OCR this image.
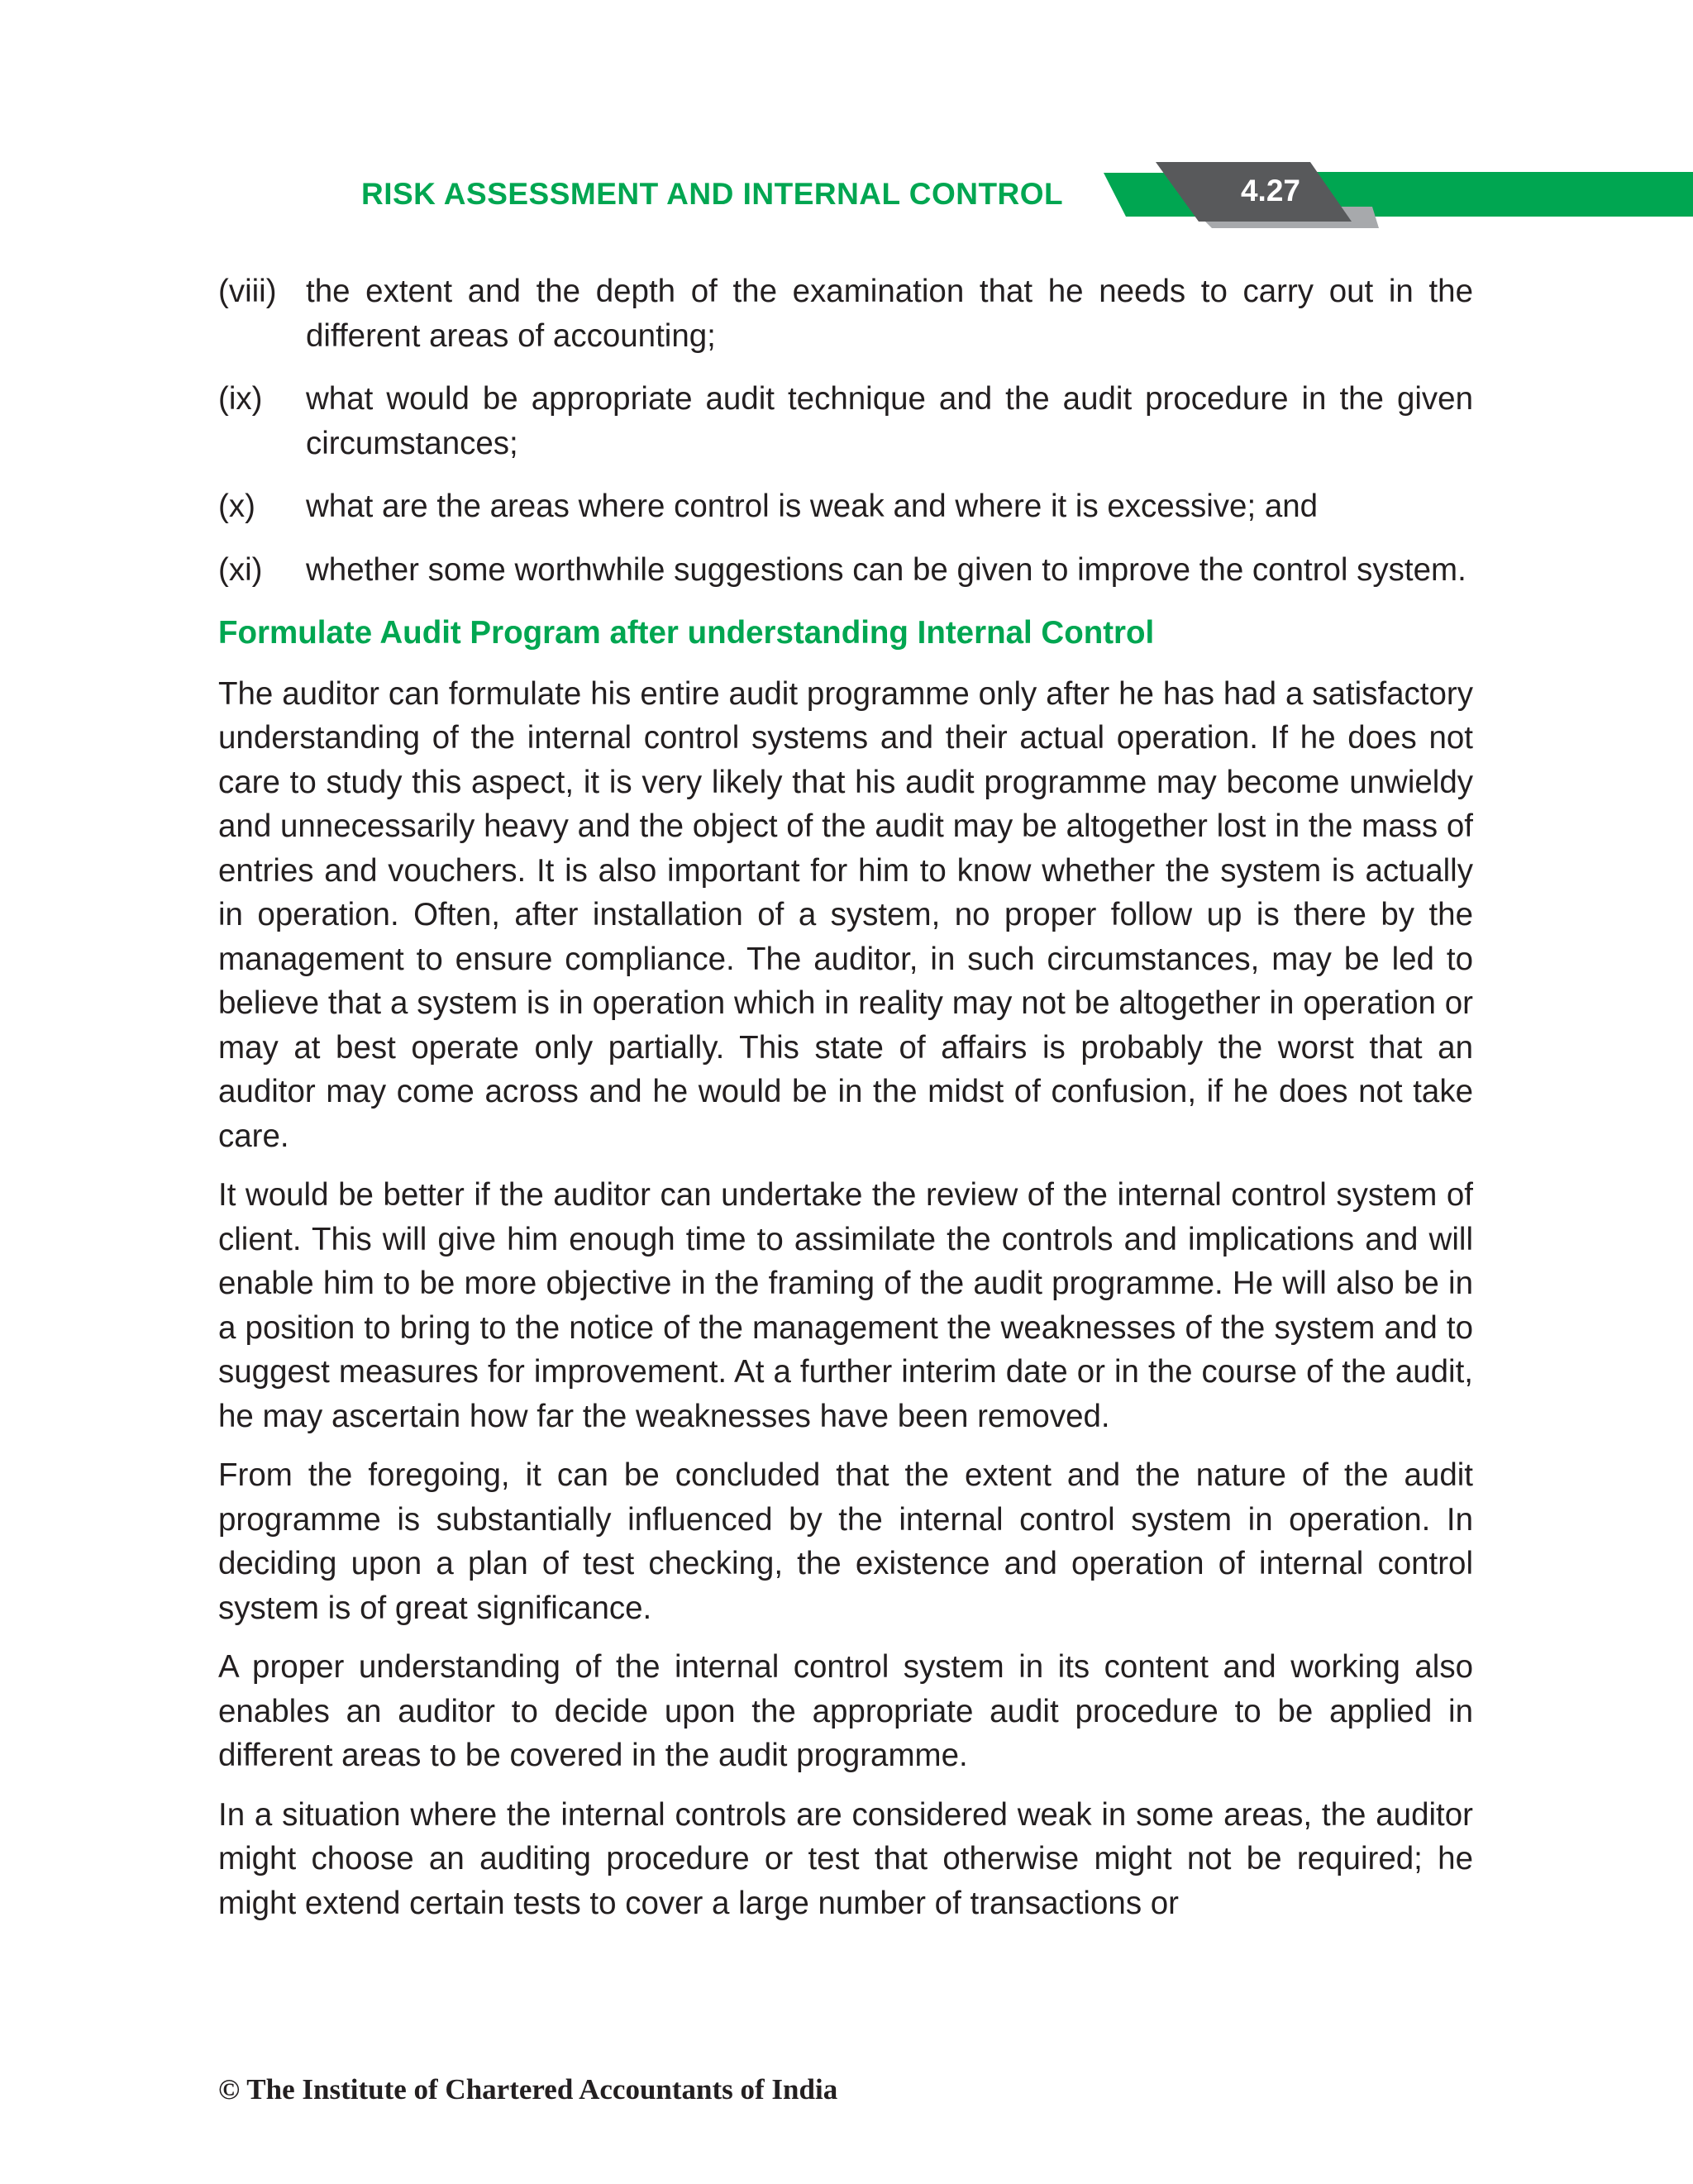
RISK ASSESSMENT AND INTERNAL CONTROL	4.27
(viii) the extent and the depth of the examination that he needs to carry out in the different areas of accounting;
(ix)	what would be appropriate audit technique and the audit procedure in the given circumstances;
(x)	what are the areas where control is weak and where it is excessive; and
(xi)	whether some worthwhile suggestions can be given to improve the control system.
Formulate Audit Program after understanding Internal Control

The auditor can formulate his entire audit programme only after he has had a satisfactory understanding of the internal control systems and their actual operation. If he does not care to study this aspect, it is very likely that his audit programme may become unwieldy and unnecessarily heavy and the object of the audit may be altogether lost in the mass of entries and vouchers. It is also important for him to know whether the system is actually in operation. Often, after installation of a system, no proper follow up is there by the management to ensure compliance. The auditor, in such circumstances, may be led to believe that a system is in operation which in reality may not be altogether in operation or may at best operate only partially. This state of affairs is probably the worst that an auditor may come across and he would be in the midst of confusion, if he does not take care.

It would be better if the auditor can undertake the review of the internal control system of client. This will give him enough time to assimilate the controls and implications and will enable him to be more objective in the framing of the audit programme. He will also be in a position to bring to the notice of the management the weaknesses of the system and to suggest measures for improvement. At a further interim date or in the course of the audit, he may ascertain how far the weaknesses have been removed.

From the foregoing, it can be concluded that the extent and the nature of the audit programme is substantially influenced by the internal control system in operation. In deciding upon a plan of test checking, the existence and operation of internal control system is of great significance.

A proper understanding of the internal control system in its content and working also enables an auditor to decide upon the appropriate audit procedure to be applied in different areas to be covered in the audit programme.

In a situation where the internal controls are considered weak in some areas, the auditor might choose an auditing procedure or test that otherwise might not be required; he might extend certain tests to cover a large number of transactions or

© The Institute of Chartered Accountants of India
